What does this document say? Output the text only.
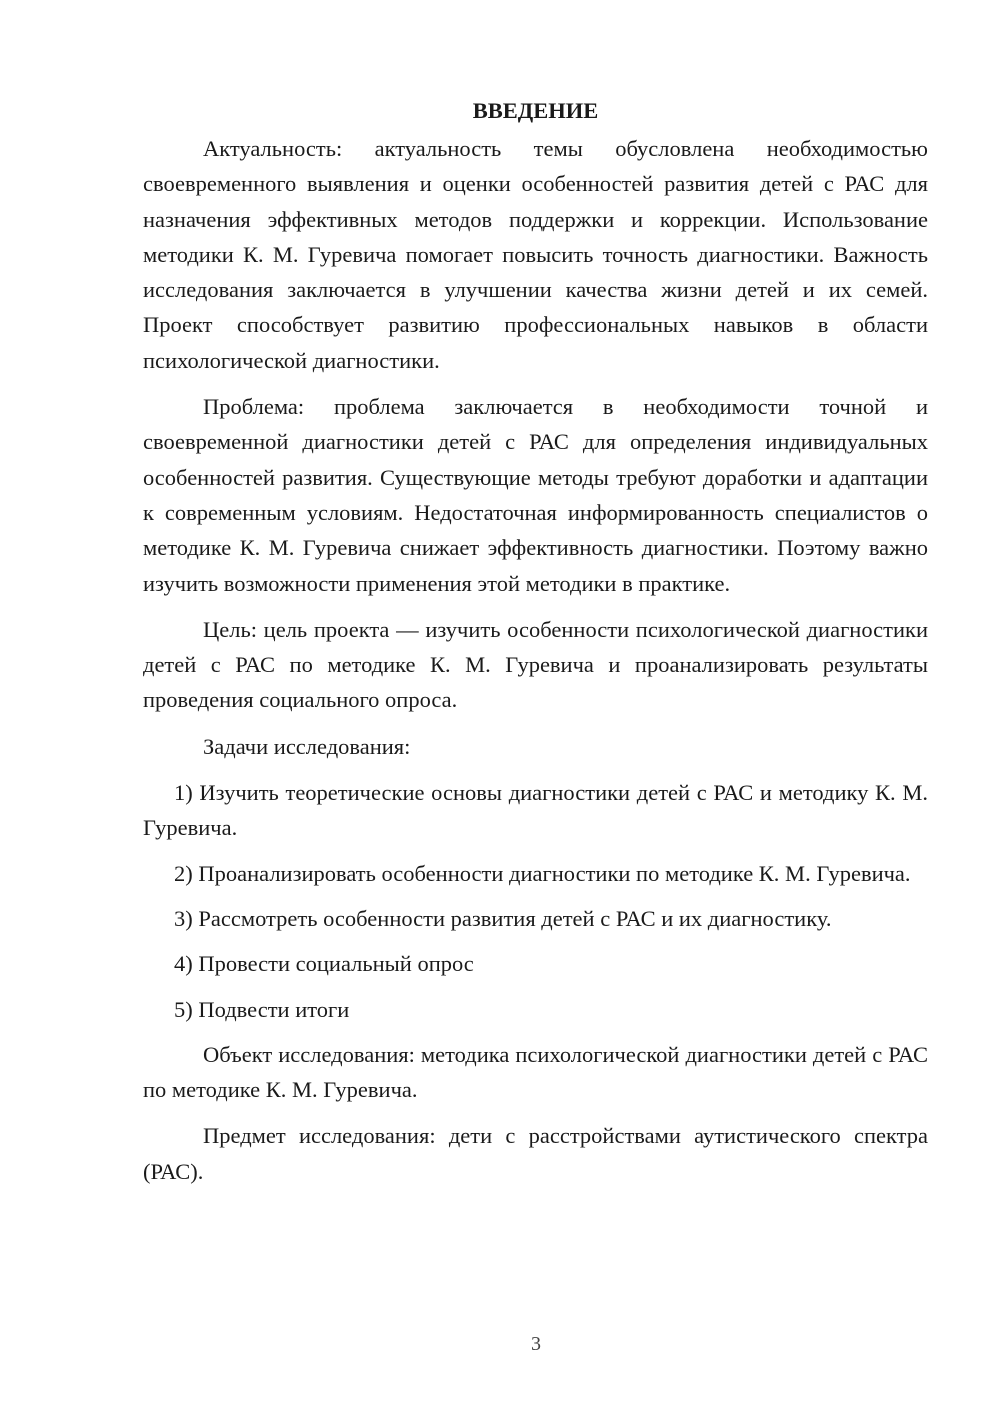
ВВЕДЕНИЕ

Актуальность: актуальность темы обусловлена необходимостью своевременного выявления и оценки особенностей развития детей с РАС для назначения эффективных методов поддержки и коррекции. Использование методики К. М. Гуревича помогает повысить точность диагностики. Важность исследования заключается в улучшении качества жизни детей и их семей. Проект способствует развитию профессиональных навыков в области психологической диагностики.

Проблема: проблема заключается в необходимости точной и своевременной диагностики детей с РАС для определения индивидуальных особенностей развития. Существующие методы требуют доработки и адаптации к современным условиям. Недостаточная информированность специалистов о методике К. М. Гуревича снижает эффективность диагностики. Поэтому важно изучить возможности применения этой методики в практике.

Цель: цель проекта — изучить особенности психологической диагностики детей с РАС по методике К. М. Гуревича и проанализировать результаты проведения социального опроса.

Задачи исследования:

1) Изучить теоретические основы диагностики детей с РАС и методику К. М. Гуревича.

2) Проанализировать особенности диагностики по методике К. М. Гуревича.

3) Рассмотреть особенности развития детей с РАС и их диагностику.

4) Провести социальный опрос

5) Подвести итоги

Объект исследования: методика психологической диагностики детей с РАС по методике К. М. Гуревича.

Предмет исследования: дети с расстройствами аутистического спектра (РАС).

3
